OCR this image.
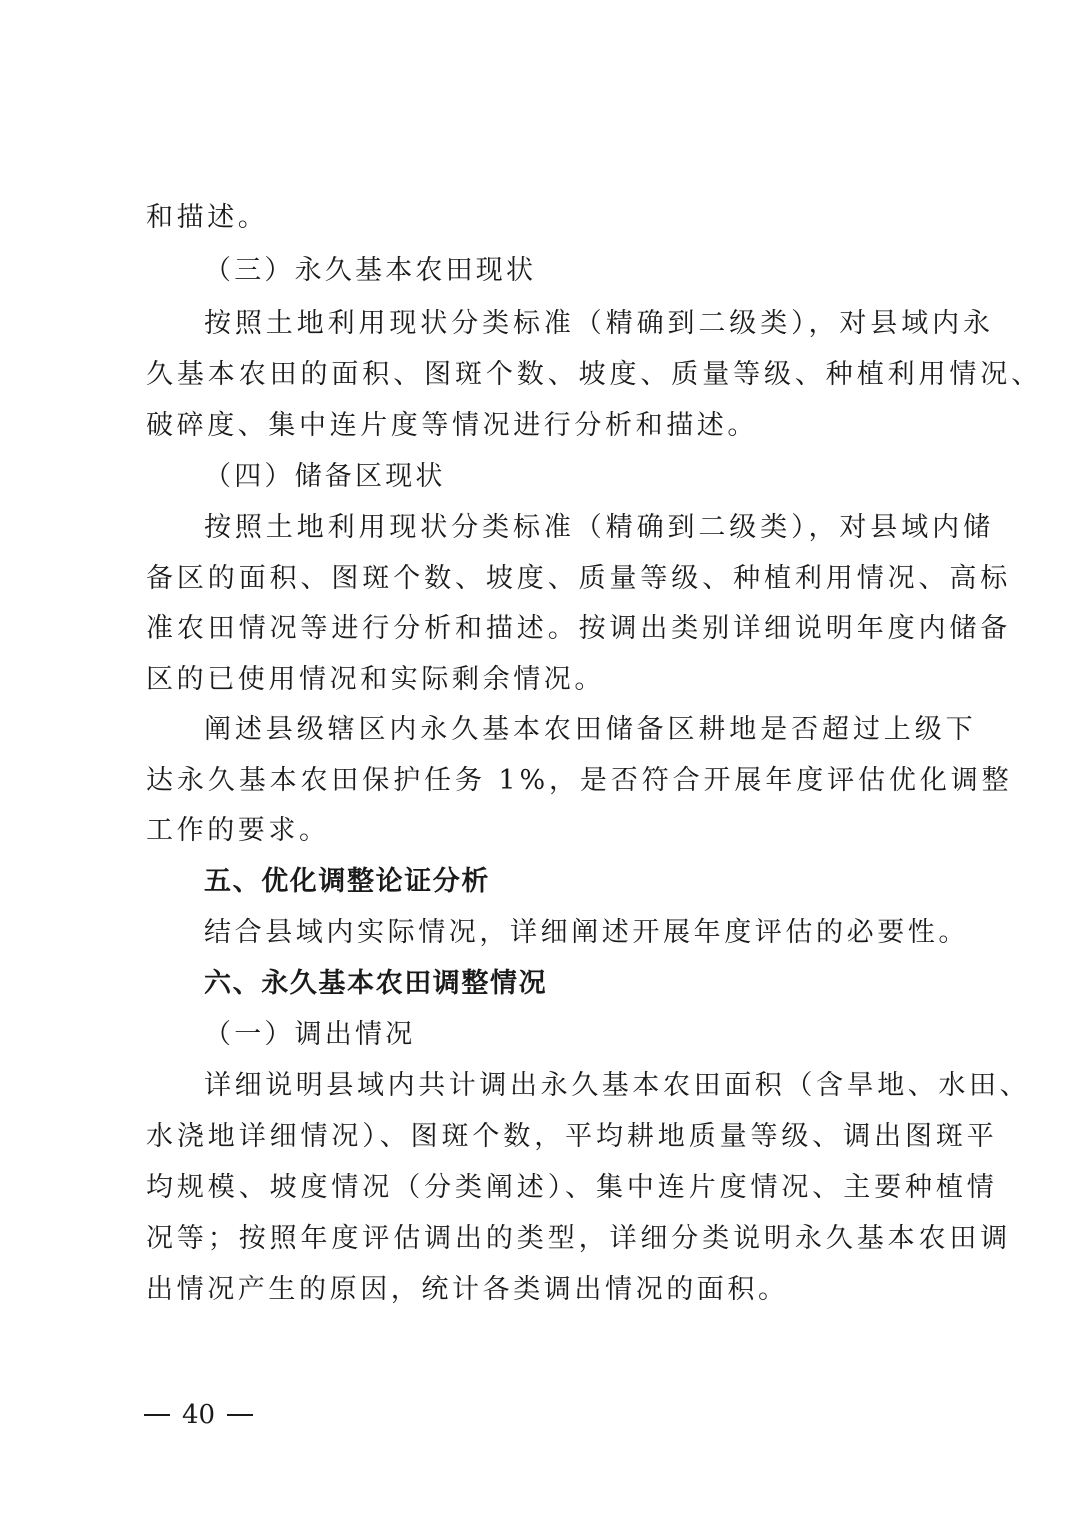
和描述。

（三）永久基本农田现状

按照土地利用现状分类标准（精确到二级类），对县域内永

久基本农田的面积、图斑个数、坡度、质量等级、种植利用情况、

破碎度、集中连片度等情况进行分析和描述。

（四）储备区现状

按照土地利用现状分类标准（精确到二级类），对县域内储

备区的面积、图斑个数、坡度、质量等级、种植利用情况、高标

准农田情况等进行分析和描述。按调出类别详细说明年度内储备

区的已使用情况和实际剩余情况。

阐述县级辖区内永久基本农田储备区耕地是否超过上级下

达永久基本农田保护任务 1%，是否符合开展年度评估优化调整

工作的要求。

五、优化调整论证分析

结合县域内实际情况，详细阐述开展年度评估的必要性。

六、永久基本农田调整情况

（一）调出情况

详细说明县域内共计调出永久基本农田面积（含旱地、水田、

水浇地详细情况）、图斑个数，平均耕地质量等级、调出图斑平

均规模、坡度情况（分类阐述）、集中连片度情况、主要种植情

况等；按照年度评估调出的类型，详细分类说明永久基本农田调

出情况产生的原因，统计各类调出情况的面积。

40
